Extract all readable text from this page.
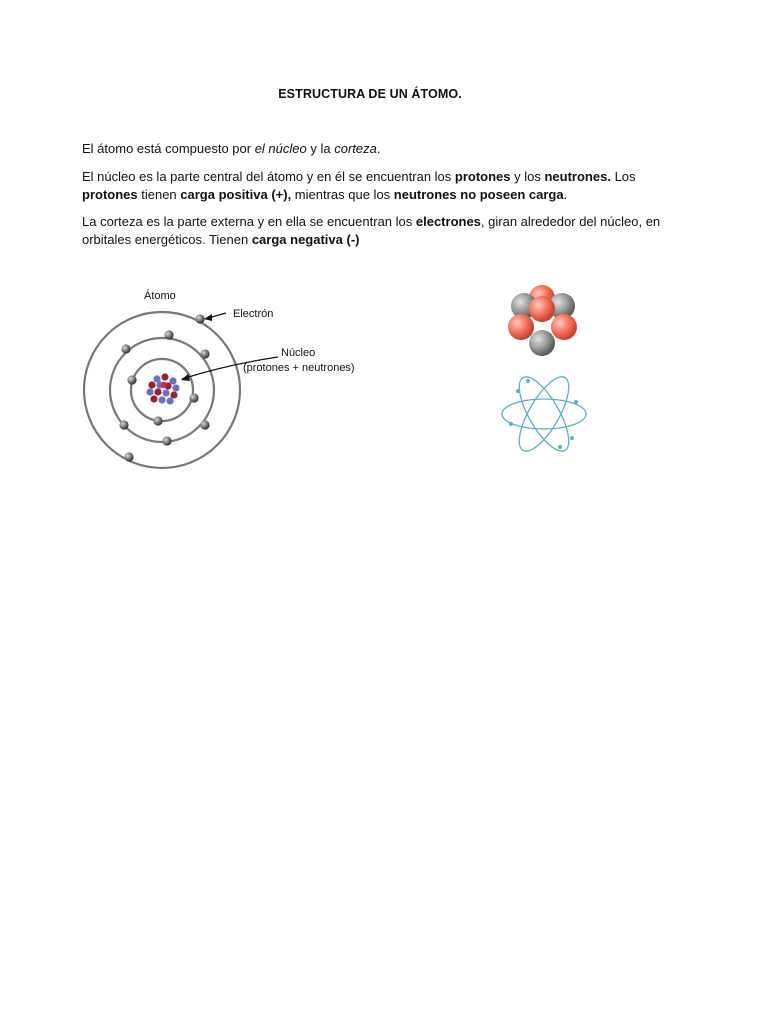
ESTRUCTURA DE UN ÁTOMO.

El átomo está compuesto por el núcleo y la corteza.

El núcleo es la parte central del átomo y en él se encuentran los protones y los neutrones. Los protones tienen carga positiva (+), mientras que los neutrones no poseen carga.

La corteza es la parte externa y en ella se encuentran los electrones, giran alrededor del núcleo, en orbitales energéticos. Tienen carga negativa (-)

Átomo
Electrón
Núcleo
(protones + neutrones)
